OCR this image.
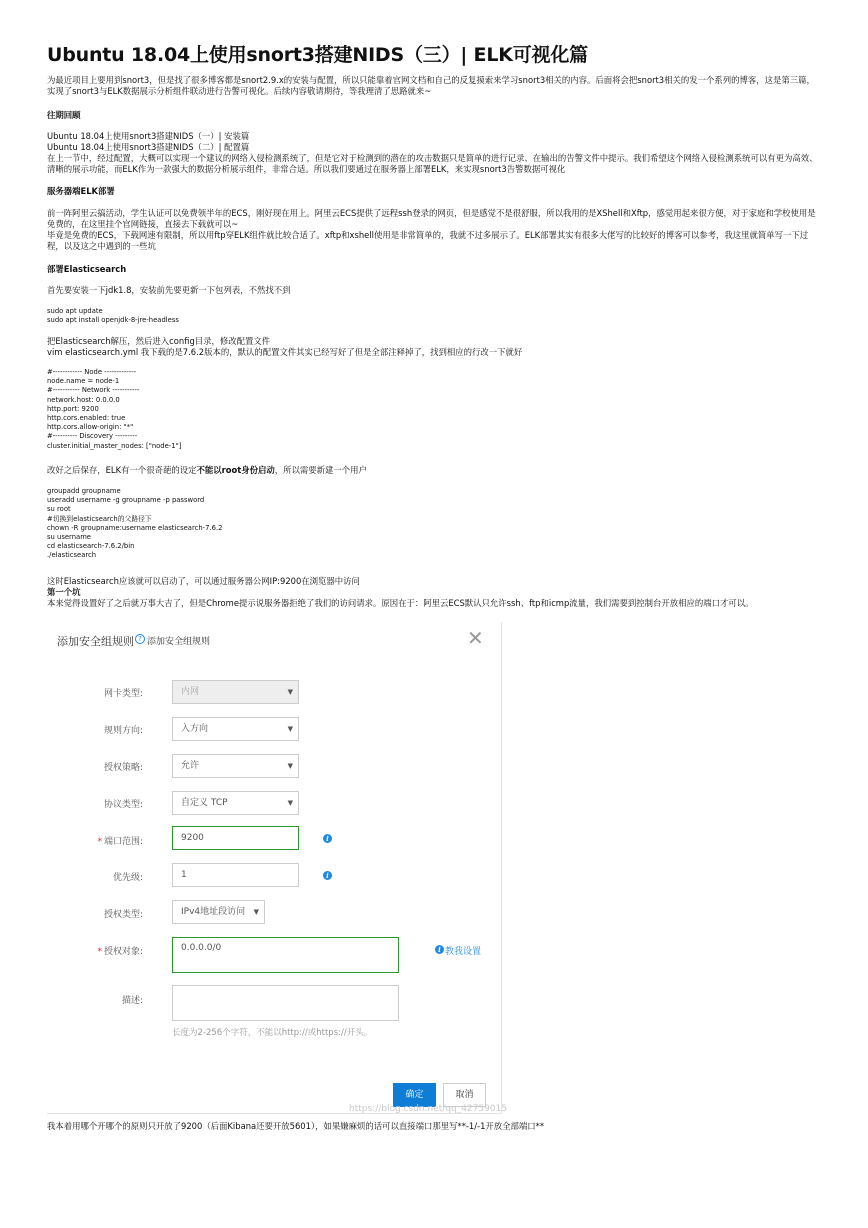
Ubuntu 18.04上使用snort3搭建NIDS（三）| ELK可视化篇
为最近项目上要用到snort3，但是找了很多博客都是snort2.9.x的安装与配置，所以只能靠着官网文档和自己的反复摸索来学习snort3相关的内容。后面将会把snort3相关的发一个系列的博客，这是第三篇，实现了snort3与ELK数据展示分析组件联动进行告警可视化。后续内容敬请期待，等我理清了思路就来~
往期回顾
Ubuntu 18.04上使用snort3搭建NIDS（一）| 安装篇
Ubuntu 18.04上使用snort3搭建NIDS（二）| 配置篇
在上一节中，经过配置，大概可以实现一个建议的网络入侵检测系统了，但是它对于检测到的潜在的攻击数据只是简单的进行记录、在输出的告警文件中提示。我们希望这个网络入侵检测系统可以有更为高效、清晰的展示功能，而ELK作为一款强大的数据分析展示组件，非常合适。所以我们要通过在服务器上部署ELK，来实现snort3告警数据可视化
服务器端ELK部署
前一阵阿里云搞活动，学生认证可以免费领半年的ECS，刚好现在用上。阿里云ECS提供了远程ssh登录的网页，但是感觉不是很舒服，所以我用的是XShell和Xftp，感觉用起来很方便，对于家庭和学校使用是免费的，在这里挂个官网链接，直接去下载就可以~
毕竟是免费的ECS，下载网速有限制，所以用ftp穿ELK组件就比较合适了。xftp和xshell使用是非常简单的，我就不过多展示了。ELK部署其实有很多大佬写的比较好的博客可以参考，我这里就简单写一下过程，以及这之中遇到的一些坑
部署Elasticsearch
首先要安装一下jdk1.8，安装前先要更新一下包列表，不然找不到
sudo apt update
sudo apt install openjdk-8-jre-headless
把Elasticsearch解压，然后进入config目录，修改配置文件
vim elasticsearch.yml 我下载的是7.6.2版本的，默认的配置文件其实已经写好了但是全部注释掉了，找到相应的行改一下就好
#------------ Node -------------
node.name = node-1
#----------- Network -----------
network.host: 0.0.0.0
http.port: 9200
http.cors.enabled: true
http.cors.allow-origin: "*"
#---------- Discovery ---------
cluster.initial_master_nodes: ["node-1"]
改好之后保存，ELK有一个很奇葩的设定不能以root身份启动，所以需要新建一个用户
groupadd groupname
useradd username -g groupname -p password
su root
#切换到elasticsearch的父路径下
chown -R groupname:username elasticsearch-7.6.2
su username
cd elasticsearch-7.6.2/bin
./elasticsearch
这时Elasticsearch应该就可以启动了，可以通过服务器公网IP:9200在浏览器中访问
第一个坑
本来觉得设置好了之后就万事大吉了，但是Chrome提示说服务器拒绝了我们的访问请求。原因在于：阿里云ECS默认只允许ssh、ftp和icmp流量，我们需要到控制台开放相应的端口才可以。
我本着用哪个开哪个的原则只开放了9200（后面Kibana还要开放5601），如果嫌麻烦的话可以直接端口那里写**-1/-1开放全部端口**
添加安全组规则 ? 添加安全组规则	✕
网卡类型:	内网	▼
规则方向:	入方向	▼
授权策略:	允许	▼
协议类型:	自定义 TCP	▼
* 端口范围:	9200	i
优先级:	1	i
授权类型:	IPv4地址段访问 ▼
* 授权对象:	0.0.0.0/0	i 教我设置
描述:
长度为2-256个字符，不能以http://或https://开头。
确定	取消
https://blog.csdn.net/qq_42759015
